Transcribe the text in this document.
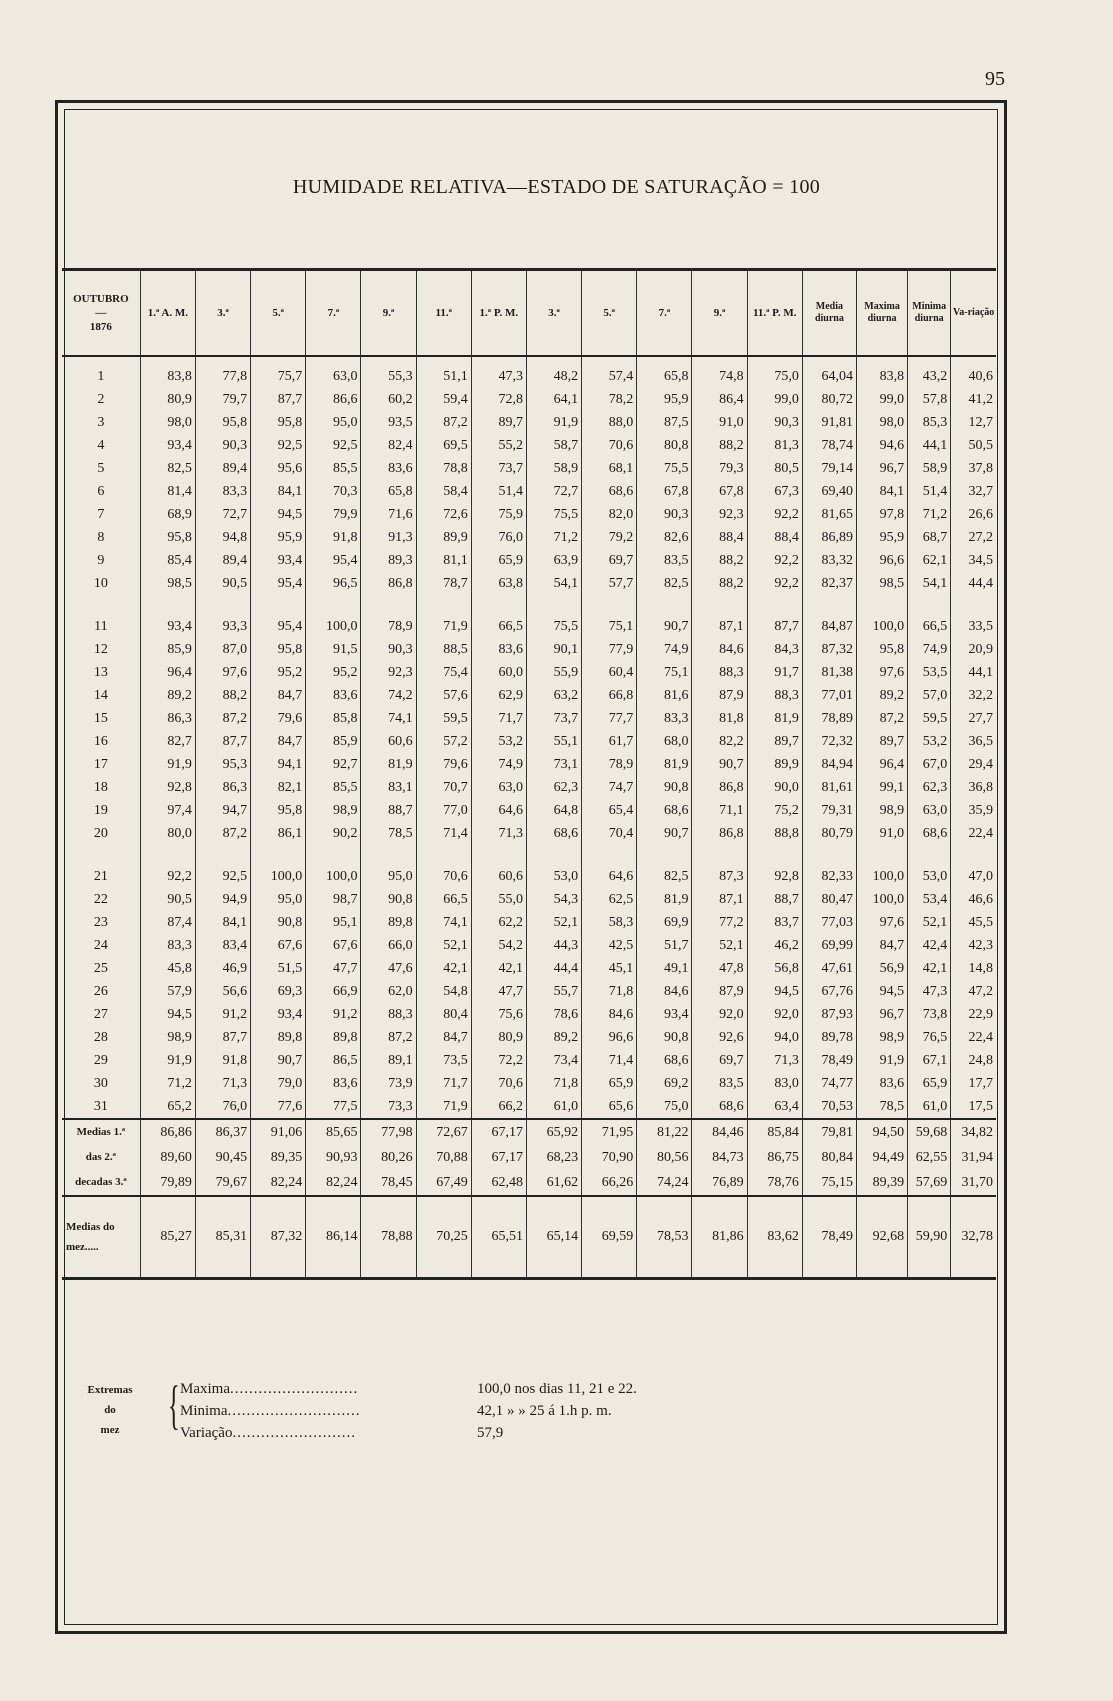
95
HUMIDADE RELATIVA—ESTADO DE SATURAÇÃO = 100
OUTUBRO
—
1876	1.ª A. M.	3.ª	5.ª	7.ª	9.ª	11.ª	1.ª P. M.	3.ª	5.ª	7.ª	9.ª	11.ª P. M.	Media diurna	Maxima diurna	Minima diurna	Va-riação

1	83,8	77,8	75,7	63,0	55,3	51,1	47,3	48,2	57,4	65,8	74,8	75,0	64,04	83,8	43,2	40,6
2	80,9	79,7	87,7	86,6	60,2	59,4	72,8	64,1	78,2	95,9	86,4	99,0	80,72	99,0	57,8	41,2
3	98,0	95,8	95,8	95,0	93,5	87,2	89,7	91,9	88,0	87,5	91,0	90,3	91,81	98,0	85,3	12,7
4	93,4	90,3	92,5	92,5	82,4	69,5	55,2	58,7	70,6	80,8	88,2	81,3	78,74	94,6	44,1	50,5
5	82,5	89,4	95,6	85,5	83,6	78,8	73,7	58,9	68,1	75,5	79,3	80,5	79,14	96,7	58,9	37,8
6	81,4	83,3	84,1	70,3	65,8	58,4	51,4	72,7	68,6	67,8	67,8	67,3	69,40	84,1	51,4	32,7
7	68,9	72,7	94,5	79,9	71,6	72,6	75,9	75,5	82,0	90,3	92,3	92,2	81,65	97,8	71,2	26,6
8	95,8	94,8	95,9	91,8	91,3	89,9	76,0	71,2	79,2	82,6	88,4	88,4	86,89	95,9	68,7	27,2
9	85,4	89,4	93,4	95,4	89,3	81,1	65,9	63,9	69,7	83,5	88,2	92,2	83,32	96,6	62,1	34,5
10	98,5	90,5	95,4	96,5	86,8	78,7	63,8	54,1	57,7	82,5	88,2	92,2	82,37	98,5	54,1	44,4

11	93,4	93,3	95,4	100,0	78,9	71,9	66,5	75,5	75,1	90,7	87,1	87,7	84,87	100,0	66,5	33,5
12	85,9	87,0	95,8	91,5	90,3	88,5	83,6	90,1	77,9	74,9	84,6	84,3	87,32	95,8	74,9	20,9
13	96,4	97,6	95,2	95,2	92,3	75,4	60,0	55,9	60,4	75,1	88,3	91,7	81,38	97,6	53,5	44,1
14	89,2	88,2	84,7	83,6	74,2	57,6	62,9	63,2	66,8	81,6	87,9	88,3	77,01	89,2	57,0	32,2
15	86,3	87,2	79,6	85,8	74,1	59,5	71,7	73,7	77,7	83,3	81,8	81,9	78,89	87,2	59,5	27,7
16	82,7	87,7	84,7	85,9	60,6	57,2	53,2	55,1	61,7	68,0	82,2	89,7	72,32	89,7	53,2	36,5
17	91,9	95,3	94,1	92,7	81,9	79,6	74,9	73,1	78,9	81,9	90,7	89,9	84,94	96,4	67,0	29,4
18	92,8	86,3	82,1	85,5	83,1	70,7	63,0	62,3	74,7	90,8	86,8	90,0	81,61	99,1	62,3	36,8
19	97,4	94,7	95,8	98,9	88,7	77,0	64,6	64,8	65,4	68,6	71,1	75,2	79,31	98,9	63,0	35,9
20	80,0	87,2	86,1	90,2	78,5	71,4	71,3	68,6	70,4	90,7	86,8	88,8	80,79	91,0	68,6	22,4

21	92,2	92,5	100,0	100,0	95,0	70,6	60,6	53,0	64,6	82,5	87,3	92,8	82,33	100,0	53,0	47,0
22	90,5	94,9	95,0	98,7	90,8	66,5	55,0	54,3	62,5	81,9	87,1	88,7	80,47	100,0	53,4	46,6
23	87,4	84,1	90,8	95,1	89,8	74,1	62,2	52,1	58,3	69,9	77,2	83,7	77,03	97,6	52,1	45,5
24	83,3	83,4	67,6	67,6	66,0	52,1	54,2	44,3	42,5	51,7	52,1	46,2	69,99	84,7	42,4	42,3
25	45,8	46,9	51,5	47,7	47,6	42,1	42,1	44,4	45,1	49,1	47,8	56,8	47,61	56,9	42,1	14,8
26	57,9	56,6	69,3	66,9	62,0	54,8	47,7	55,7	71,8	84,6	87,9	94,5	67,76	94,5	47,3	47,2
27	94,5	91,2	93,4	91,2	88,3	80,4	75,6	78,6	84,6	93,4	92,0	92,0	87,93	96,7	73,8	22,9
28	98,9	87,7	89,8	89,8	87,2	84,7	80,9	89,2	96,6	90,8	92,6	94,0	89,78	98,9	76,5	22,4
29	91,9	91,8	90,7	86,5	89,1	73,5	72,2	73,4	71,4	68,6	69,7	71,3	78,49	91,9	67,1	24,8
30	71,2	71,3	79,0	83,6	73,9	71,7	70,6	71,8	65,9	69,2	83,5	83,0	74,77	83,6	65,9	17,7
31	65,2	76,0	77,6	77,5	73,3	71,9	66,2	61,0	65,6	75,0	68,6	63,4	70,53	78,5	61,0	17,5
Medias 1.ª	86,86	86,37	91,06	85,65	77,98	72,67	67,17	65,92	71,95	81,22	84,46	85,84	79,81	94,50	59,68	34,82
das 2.ª	89,60	90,45	89,35	90,93	80,26	70,88	67,17	68,23	70,90	80,56	84,73	86,75	80,84	94,49	62,55	31,94
decadas 3.ª	79,89	79,67	82,24	82,24	78,45	67,49	62,48	61,62	66,26	74,24	76,89	78,76	75,15	89,39	57,69	31,70

Medias do
mez.....	85,27	85,31	87,32	86,14	78,88	70,25	65,51	65,14	69,59	78,53	81,86	83,62	78,49	92,68	59,90	32,78
Extremas
do
mez { Maxima...........................	100,0 nos dias 11, 21 e 22.
Minima............................	42,1 » » 25 á 1.h p. m.
Variação..........................	57,9
